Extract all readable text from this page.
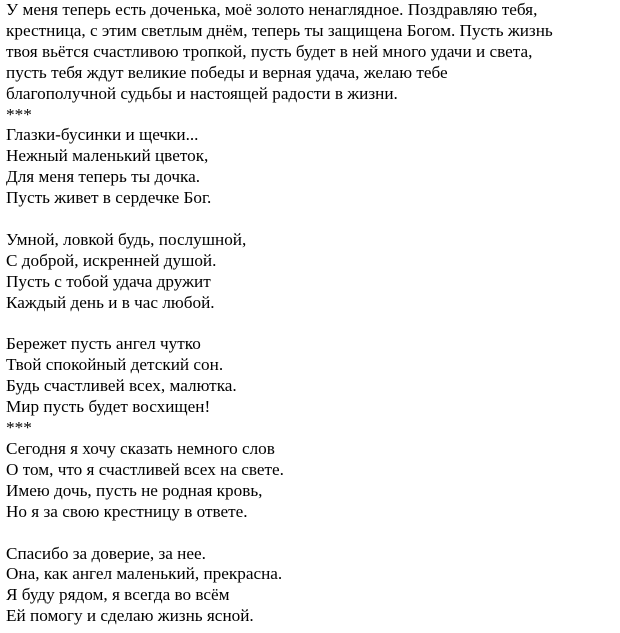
У меня теперь есть доченька, моё золото ненаглядное. Поздравляю тебя,
крестница, с этим светлым днём, теперь ты защищена Богом. Пусть жизнь
твоя вьётся счастливою тропкой, пусть будет в ней много удачи и света,
пусть тебя ждут великие победы и верная удача, желаю тебе
благополучной судьбы и настоящей радости в жизни.

***

Глазки-бусинки и щечки...
Нежный маленький цветок,
Для меня теперь ты дочка.
Пусть живет в сердечке Бог.

Умной, ловкой будь, послушной,
С доброй, искренней душой.
Пусть с тобой удача дружит
Каждый день и в час любой.

Бережет пусть ангел чутко
Твой спокойный детский сон.
Будь счастливей всех, малютка.
Мир пусть будет восхищен!

***

Сегодня я хочу сказать немного слов
О том, что я счастливей всех на свете.
Имею дочь, пусть не родная кровь,
Но я за свою крестницу в ответе.

Спасибо за доверие, за нее.
Она, как ангел маленький, прекрасна.
Я буду рядом, я всегда во всём
Ей помогу и сделаю жизнь ясной.
